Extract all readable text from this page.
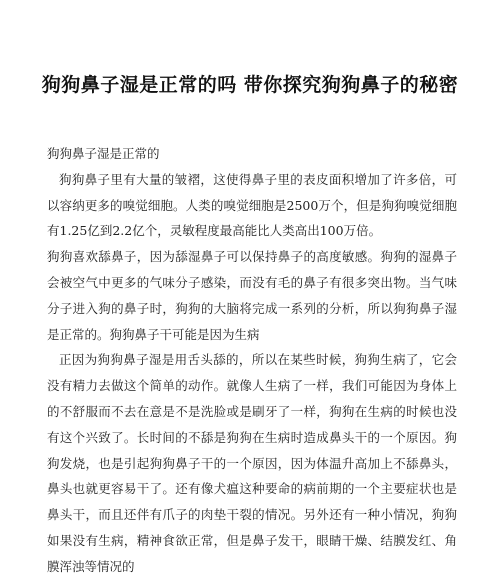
狗狗鼻子湿是正常的吗 带你探究狗狗鼻子的秘密

狗狗鼻子湿是正常的

狗狗鼻子里有大量的皱褶，这使得鼻子里的表皮面积增加了许多倍，可以容纳更多的嗅觉细胞。人类的嗅觉细胞是2500万个，但是狗狗嗅觉细胞有1.25亿到2.2亿个，灵敏程度最高能比人类高出100万倍。

狗狗喜欢舔鼻子，因为舔湿鼻子可以保持鼻子的高度敏感。狗狗的湿鼻子会被空气中更多的气味分子感染，而没有毛的鼻子有很多突出物。当气味分子进入狗的鼻子时，狗狗的大脑将完成一系列的分析，所以狗狗鼻子湿是正常的。狗狗鼻子干可能是因为生病

正因为狗狗鼻子湿是用舌头舔的，所以在某些时候，狗狗生病了，它会没有精力去做这个简单的动作。就像人生病了一样，我们可能因为身体上的不舒服而不去在意是不是洗脸或是刷牙了一样，狗狗在生病的时候也没有这个兴致了。长时间的不舔是狗狗在生病时造成鼻头干的一个原因。狗狗发烧，也是引起狗狗鼻子干的一个原因，因为体温升高加上不舔鼻头，鼻头也就更容易干了。还有像犬瘟这种要命的病前期的一个主要症状也是鼻头干，而且还伴有爪子的肉垫干裂的情况。另外还有一种小情况，狗狗如果没有生病，精神食欲正常，但是鼻子发干，眼睛干燥、结膜发红、角膜浑浊等情况的
